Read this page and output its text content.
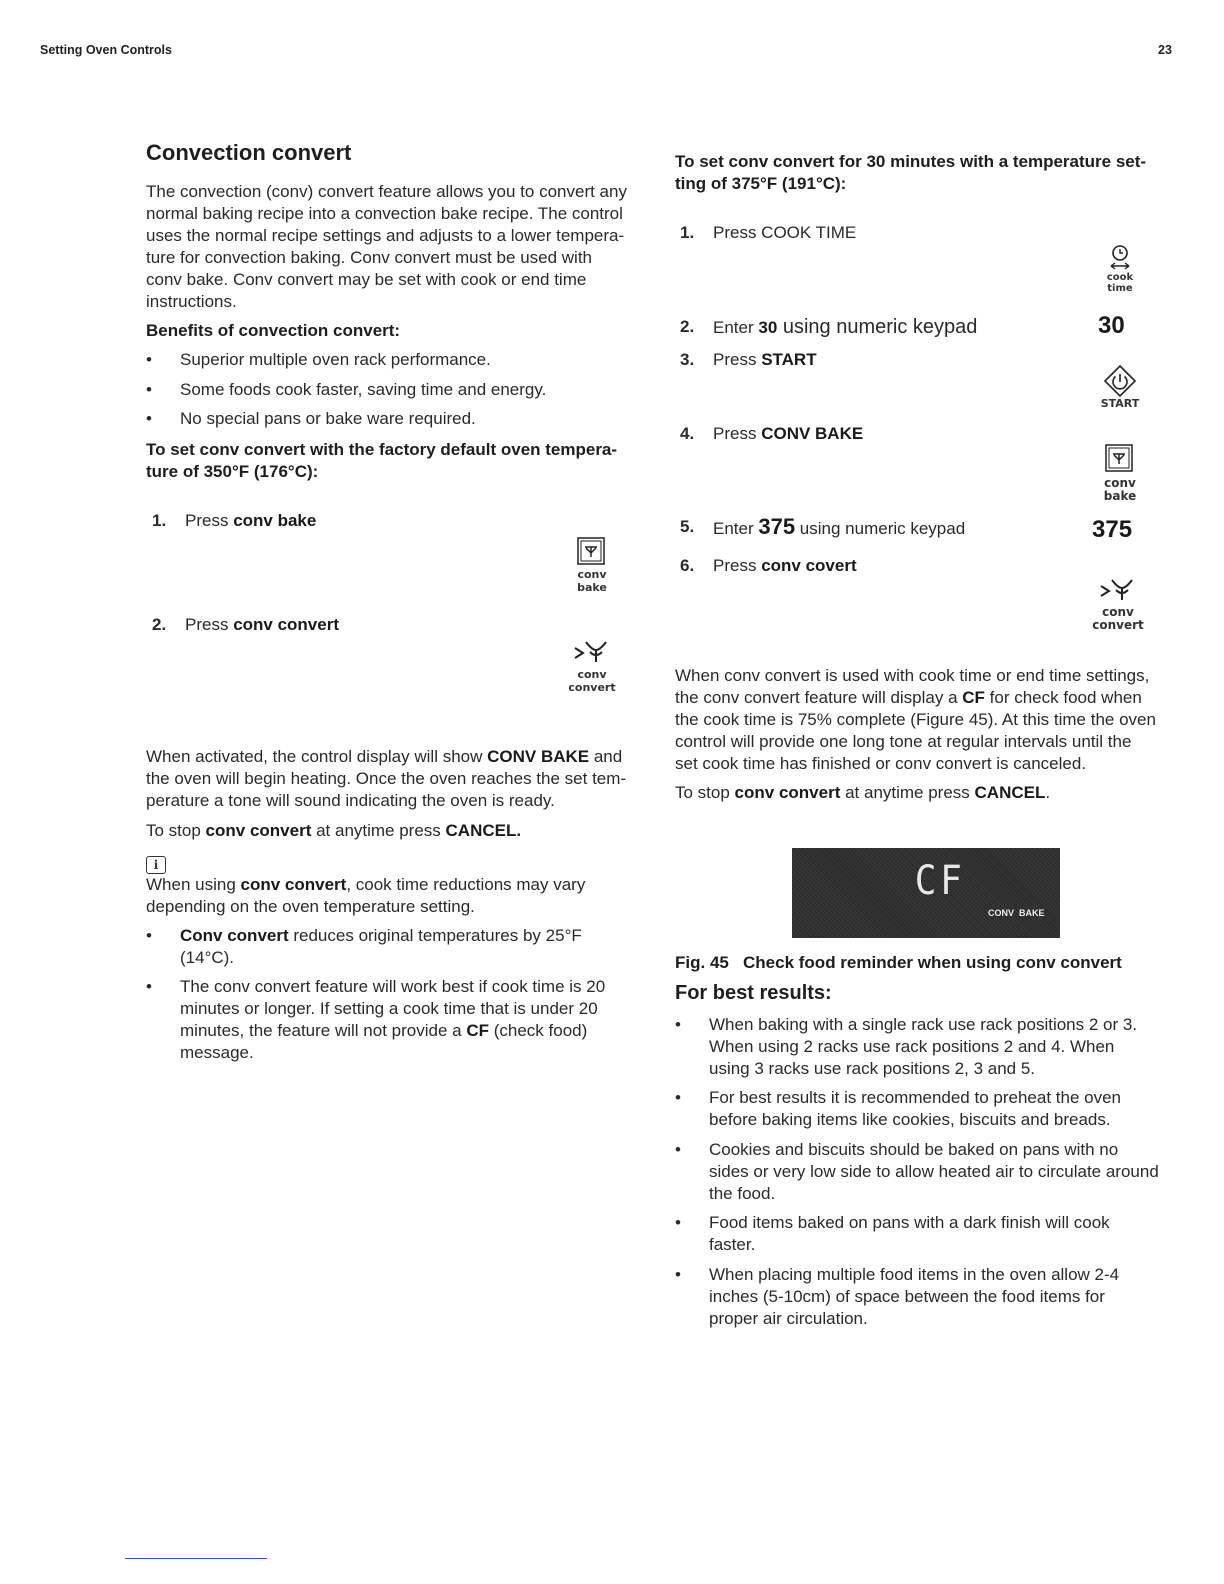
Setting Oven Controls	23
Convection convert
The convection (conv) convert feature allows you to convert any
normal baking recipe into a convection bake recipe. The control
uses the normal recipe settings and adjusts to a lower tempera-
ture for convection baking. Conv convert must be used with
conv bake. Conv convert may be set with cook or end time
instructions.
Benefits of convection convert:
• Superior multiple oven rack performance.
• Some foods cook faster, saving time and energy.
• No special pans or bake ware required.
To set conv convert with the factory default oven tempera-
ture of 350°F (176°C):
1. Press conv bake
conv
bake
2. Press conv convert
conv
convert
When activated, the control display will show CONV BAKE and
the oven will begin heating. Once the oven reaches the set tem-
perature a tone will sound indicating the oven is ready.
To stop conv convert at anytime press CANCEL.
i
When using conv convert, cook time reductions may vary
depending on the oven temperature setting.
• Conv convert reduces original temperatures by 25°F
(14°C).
• The conv convert feature will work best if cook time is 20
minutes or longer. If setting a cook time that is under 20
minutes, the feature will not provide a CF (check food)
message.
To set conv convert for 30 minutes with a temperature set-
ting of 375°F (191°C):
1. Press COOK TIME
cook
time
2. Enter 30 using numeric keypad	30
3. Press START
START
4. Press CONV BAKE
conv
bake
5. Enter 375 using numeric keypad	375
6. Press conv covert
conv
convert
When conv convert is used with cook time or end time settings,
the conv convert feature will display a CF for check food when
the cook time is 75% complete (Figure 45). At this time the oven
control will provide one long tone at regular intervals until the
set cook time has finished or conv convert is canceled.
To stop conv convert at anytime press CANCEL.
CF
CONV BAKE
Fig. 45   Check food reminder when using conv convert
For best results:
• When baking with a single rack use rack positions 2 or 3.
When using 2 racks use rack positions 2 and 4. When
using 3 racks use rack positions 2, 3 and 5.
• For best results it is recommended to preheat the oven
before baking items like cookies, biscuits and breads.
• Cookies and biscuits should be baked on pans with no
sides or very low side to allow heated air to circulate around
the food.
• Food items baked on pans with a dark finish will cook
faster.
• When placing multiple food items in the oven allow 2-4
inches (5-10cm) of space between the food items for
proper air circulation.
